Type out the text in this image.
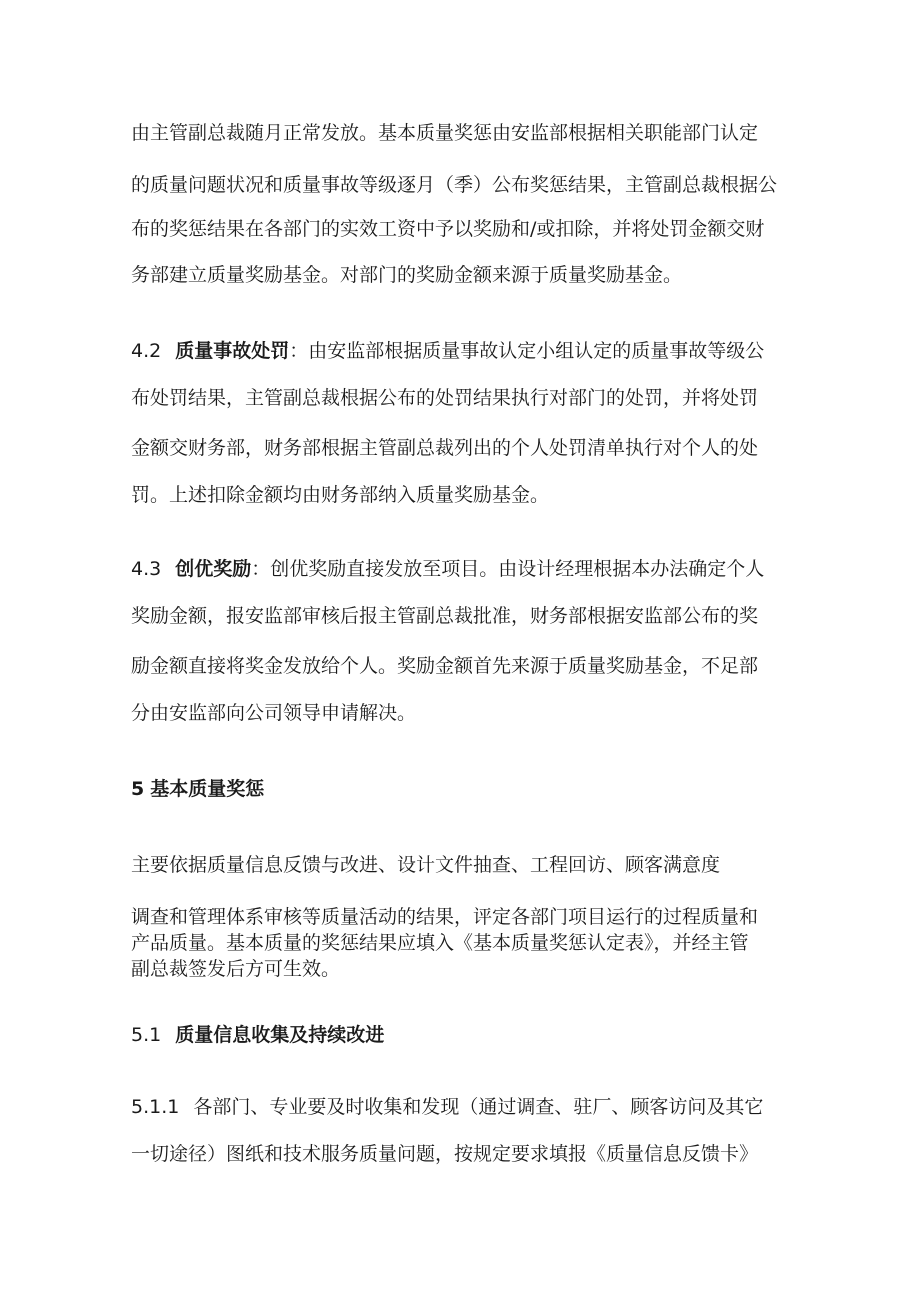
由主管副总裁随月正常发放。基本质量奖惩由安监部根据相关职能部门认定
的质量问题状况和质量事故等级逐月（季）公布奖惩结果，主管副总裁根据公
布的奖惩结果在各部门的实效工资中予以奖励和/或扣除，并将处罚金额交财
务部建立质量奖励基金。对部门的奖励金额来源于质量奖励基金。
4.2 质量事故处罚：由安监部根据质量事故认定小组认定的质量事故等级公
布处罚结果，主管副总裁根据公布的处罚结果执行对部门的处罚，并将处罚
金额交财务部，财务部根据主管副总裁列出的个人处罚清单执行对个人的处
罚。上述扣除金额均由财务部纳入质量奖励基金。
4.3 创优奖励：创优奖励直接发放至项目。由设计经理根据本办法确定个人
奖励金额，报安监部审核后报主管副总裁批准，财务部根据安监部公布的奖
励金额直接将奖金发放给个人。奖励金额首先来源于质量奖励基金，不足部
分由安监部向公司领导申请解决。
5 基本质量奖惩
主要依据质量信息反馈与改进、设计文件抽查、工程回访、顾客满意度
调查和管理体系审核等质量活动的结果，评定各部门项目运行的过程质量和
产品质量。基本质量的奖惩结果应填入《基本质量奖惩认定表》，并经主管
副总裁签发后方可生效。
5.1 质量信息收集及持续改进
5.1.1 各部门、专业要及时收集和发现（通过调查、驻厂、顾客访问及其它
一切途径）图纸和技术服务质量问题，按规定要求填报《质量信息反馈卡》
